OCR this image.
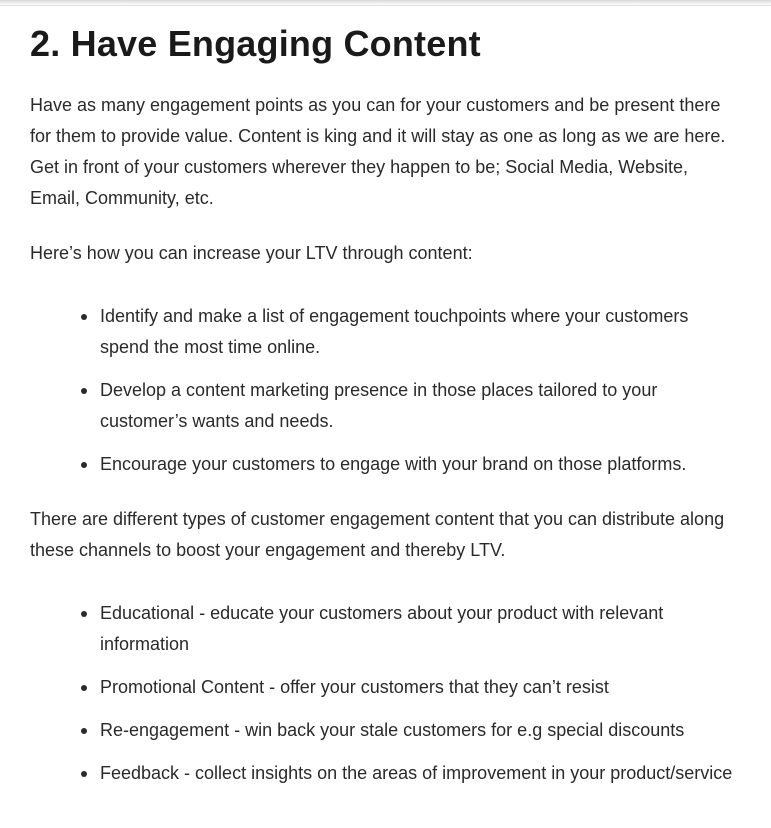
2. Have Engaging Content

Have as many engagement points as you can for your customers and be present there for them to provide value. Content is king and it will stay as one as long as we are here. Get in front of your customers wherever they happen to be; Social Media, Website, Email, Community, etc.

Here’s how you can increase your LTV through content:

Identify and make a list of engagement touchpoints where your customers spend the most time online.
Develop a content marketing presence in those places tailored to your customer’s wants and needs.
Encourage your customers to engage with your brand on those platforms.

There are different types of customer engagement content that you can distribute along these channels to boost your engagement and thereby LTV.

Educational - educate your customers about your product with relevant information
Promotional Content - offer your customers that they can’t resist
Re-engagement - win back your stale customers for e.g special discounts
Feedback - collect insights on the areas of improvement in your product/service
